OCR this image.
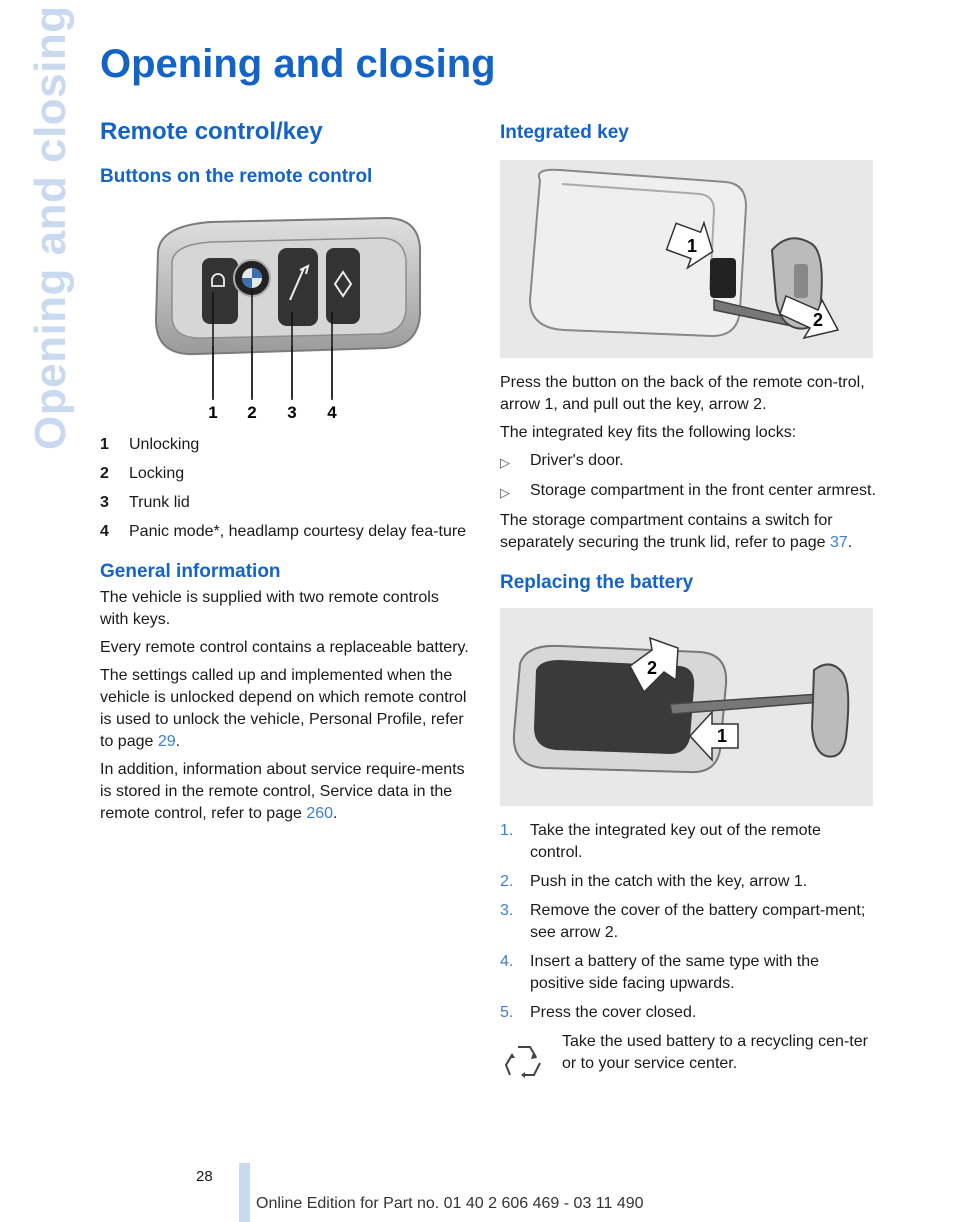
Opening and closing Opening and closing
Remote control/key
Buttons on the remote control
1 2 3 4
1	Unlocking
2	Locking
3	Trunk lid
4	Panic mode*, headlamp courtesy delay fea-ture
General information

The vehicle is supplied with two remote controls with keys.

Every remote control contains a replaceable battery.

The settings called up and implemented when the vehicle is unlocked depend on which remote control is used to unlock the vehicle, Personal Profile, refer to page 29.

In addition, information about service require-ments is stored in the remote control, Service data in the remote control, refer to page 260.

Integrated key
1
2

Press the button on the back of the remote con-trol, arrow 1, and pull out the key, arrow 2.

The integrated key fits the following locks:

▷	Driver's door.
▷	Storage compartment in the front center armrest.

The storage compartment contains a switch for separately securing the trunk lid, refer to page 37.

Replacing the battery
2
1
1.	Take the integrated key out of the remote control.
2.	Push in the catch with the key, arrow 1.
3.	Remove the cover of the battery compart-ment; see arrow 2.
4.	Insert a battery of the same type with the positive side facing upwards.
5.	Press the cover closed.

Take the used battery to a recycling cen-ter or to your service center.

28
Online Edition for Part no. 01 40 2 606 469 - 03 11 490
